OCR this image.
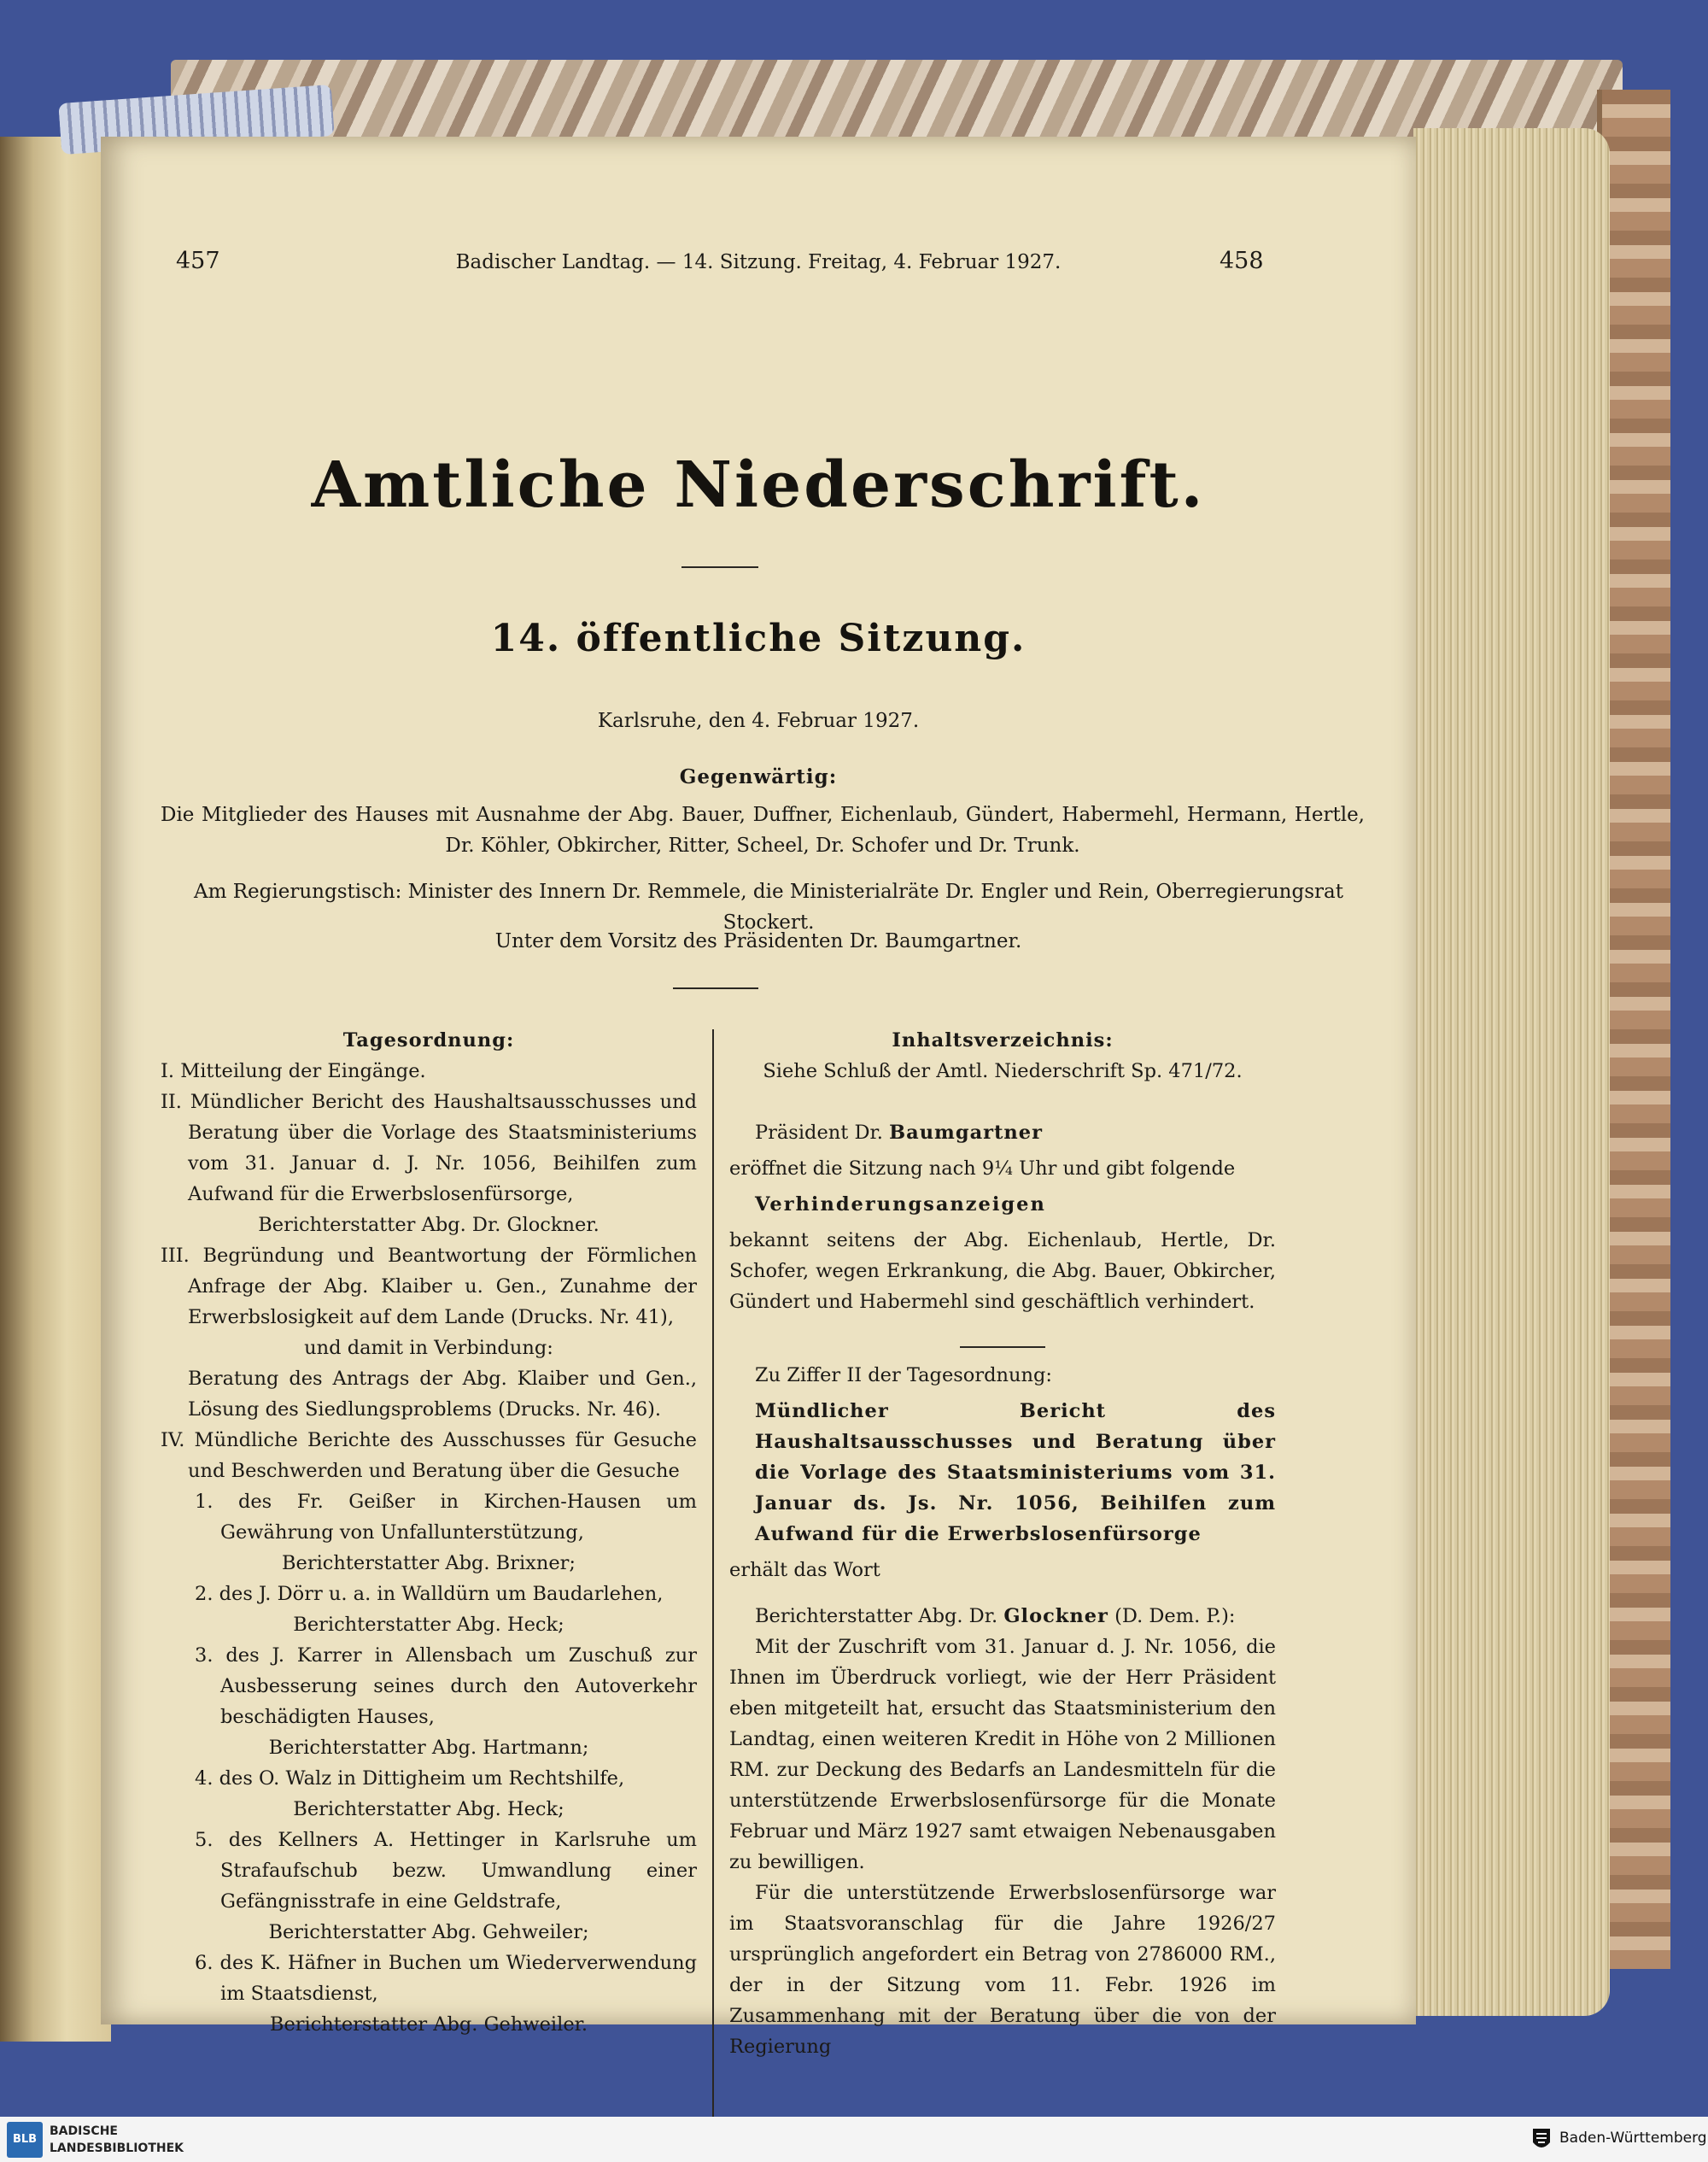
457	Badischer Landtag. — 14. Sitzung. Freitag, 4. Februar 1927.	458
Amtliche Niederschrift.
14. öffentliche Sitzung.
Karlsruhe, den 4. Februar 1927.
Gegenwärtig:
Die Mitglieder des Hauses mit Ausnahme der Abg. Bauer, Duffner, Eichenlaub, Gündert, Habermehl, Hermann, Hertle, Dr. Köhler, Obkircher, Ritter, Scheel, Dr. Schofer und Dr. Trunk.
Am Regierungstisch: Minister des Innern Dr. Remmele, die Ministerialräte Dr. Engler und Rein, Oberregierungsrat Stockert.
Unter dem Vorsitz des Präsidenten Dr. Baumgartner.

Tagesordnung:

I. Mitteilung der Eingänge.

II. Mündlicher Bericht des Haushaltsausschusses und Beratung über die Vorlage des Staatsministeriums vom 31. Januar d. J. Nr. 1056, Beihilfen zum Aufwand für die Erwerbslosenfürsorge,

Berichterstatter Abg. Dr. Glockner.

III. Begründung und Beantwortung der Förmlichen Anfrage der Abg. Klaiber u. Gen., Zunahme der Erwerbslosigkeit auf dem Lande (Drucks. Nr. 41),

und damit in Verbindung:

Beratung des Antrags der Abg. Klaiber und Gen., Lösung des Siedlungsproblems (Drucks. Nr. 46).

IV. Mündliche Berichte des Ausschusses für Gesuche und Beschwerden und Beratung über die Gesuche

1. des Fr. Geißer in Kirchen-Hausen um Gewährung von Unfallunterstützung,

Berichterstatter Abg. Brixner;

2. des J. Dörr u. a. in Walldürn um Baudarlehen,

Berichterstatter Abg. Heck;

3. des J. Karrer in Allensbach um Zuschuß zur Ausbesserung seines durch den Autoverkehr beschädigten Hauses,

Berichterstatter Abg. Hartmann;

4. des O. Walz in Dittigheim um Rechtshilfe,

Berichterstatter Abg. Heck;

5. des Kellners A. Hettinger in Karlsruhe um Strafaufschub bezw. Umwandlung einer Gefängnisstrafe in eine Geldstrafe,

Berichterstatter Abg. Gehweiler;

6. des K. Häfner in Buchen um Wiederverwendung im Staatsdienst,

Berichterstatter Abg. Gehweiler.

Inhaltsverzeichnis:

Siehe Schluß der Amtl. Niederschrift Sp. 471/72.

Präsident Dr. Baumgartner

eröffnet die Sitzung nach 9¼ Uhr und gibt folgende

Verhinderungsanzeigen

bekannt seitens der Abg. Eichenlaub, Hertle, Dr. Schofer, wegen Erkrankung, die Abg. Bauer, Obkircher, Gündert und Habermehl sind geschäftlich verhindert.

Zu Ziffer II der Tagesordnung:

Mündlicher Bericht des Haushaltsausschusses und Beratung über die Vorlage des Staatsministeriums vom 31. Januar ds. Js. Nr. 1056, Beihilfen zum Aufwand für die Erwerbslosenfürsorge

erhält das Wort

Berichterstatter Abg. Dr. Glockner (D. Dem. P.):

Mit der Zuschrift vom 31. Januar d. J. Nr. 1056, die Ihnen im Überdruck vorliegt, wie der Herr Präsident eben mitgeteilt hat, ersucht das Staatsministerium den Landtag, einen weiteren Kredit in Höhe von 2 Millionen RM. zur Deckung des Bedarfs an Landesmitteln für die unterstützende Erwerbslosenfürsorge für die Monate Februar und März 1927 samt etwaigen Nebenausgaben zu bewilligen.

Für die unterstützende Erwerbslosenfürsorge war im Staatsvoranschlag für die Jahre 1926/27 ursprünglich angefordert ein Betrag von 2786000 RM., der in der Sitzung vom 11. Febr. 1926 im Zusammenhang mit der Beratung über die von der Regierung

BLB
BADISCHE
LANDESBIBLIOTHEK
Baden-Württemberg
